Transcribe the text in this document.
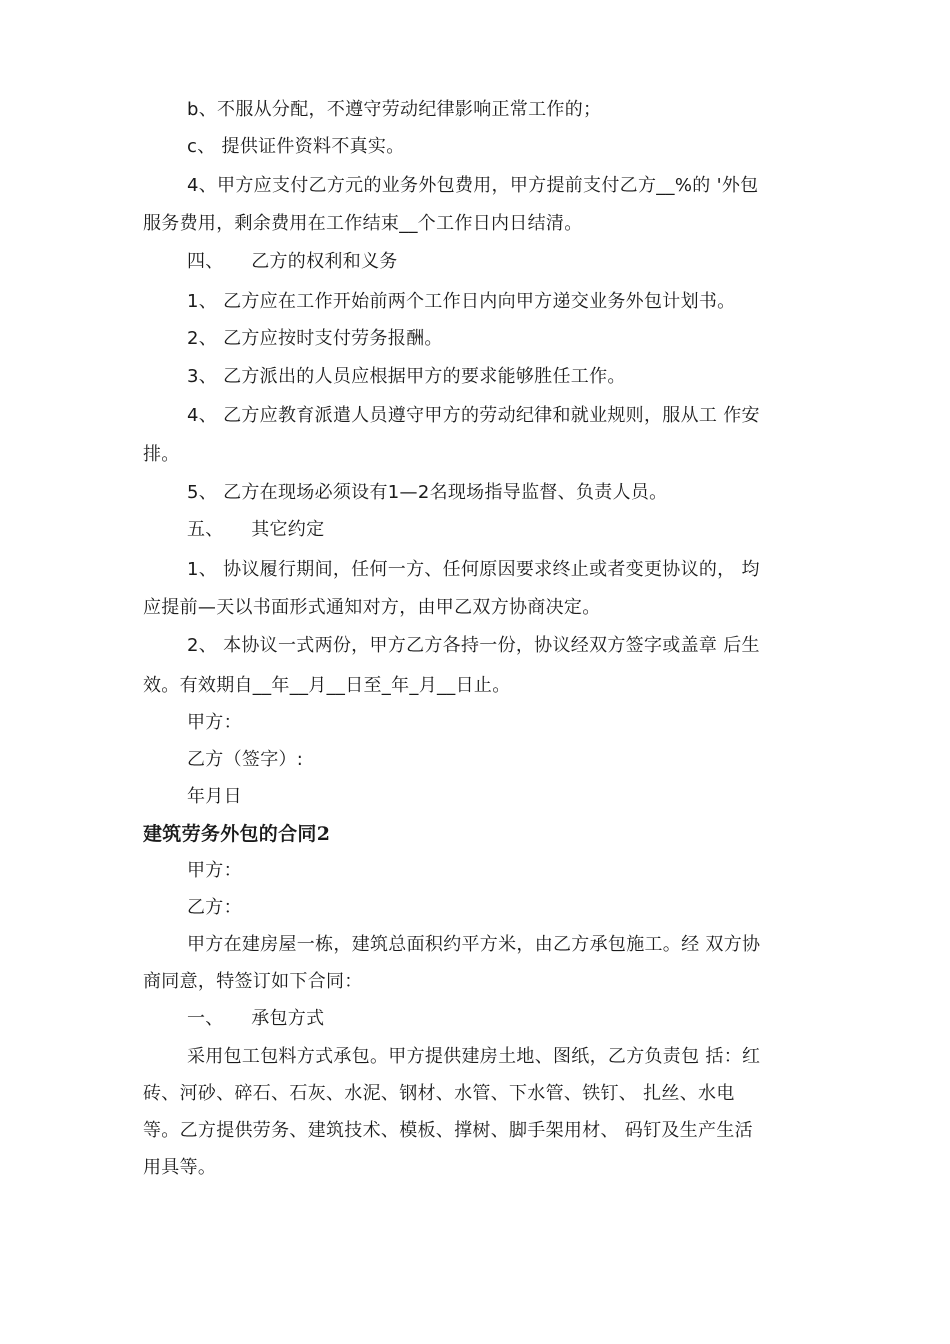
b、不服从分配，不遵守劳动纪律影响正常工作的；
c、 提供证件资料不真实。
4、甲方应支付乙方元的业务外包费用，甲方提前支付乙方__%的 '外包
服务费用，剩余费用在工作结束__个工作日内日结清。
四、　　乙方的权利和义务
1、 乙方应在工作开始前两个工作日内向甲方递交业务外包计划书。
2、 乙方应按时支付劳务报酬。
3、 乙方派出的人员应根据甲方的要求能够胜任工作。
4、 乙方应教育派遣人员遵守甲方的劳动纪律和就业规则，服从工 作安
排。
5、 乙方在现场必须设有1—2名现场指导监督、负责人员。
五、　　其它约定
1、 协议履行期间，任何一方、任何原因要求终止或者变更协议的， 均
应提前—天以书面形式通知对方，由甲乙双方协商决定。
2、 本协议一式两份，甲方乙方各持一份，协议经双方签字或盖章 后生
效。有效期自__年__月__日至_年_月__日止。
甲方：
乙方（签字）:
年月日
建筑劳务外包的合同2
甲方：
乙方：
甲方在建房屋一栋，建筑总面积约平方米，由乙方承包施工。经 双方协
商同意，特签订如下合同：
一、　　承包方式
采用包工包料方式承包。甲方提供建房土地、图纸，乙方负责包 括：红
砖、河砂、碎石、石灰、水泥、钢材、水管、下水管、铁钉、 扎丝、水电
等。乙方提供劳务、建筑技术、模板、撑树、脚手架用材、 码钉及生产生活
用具等。
